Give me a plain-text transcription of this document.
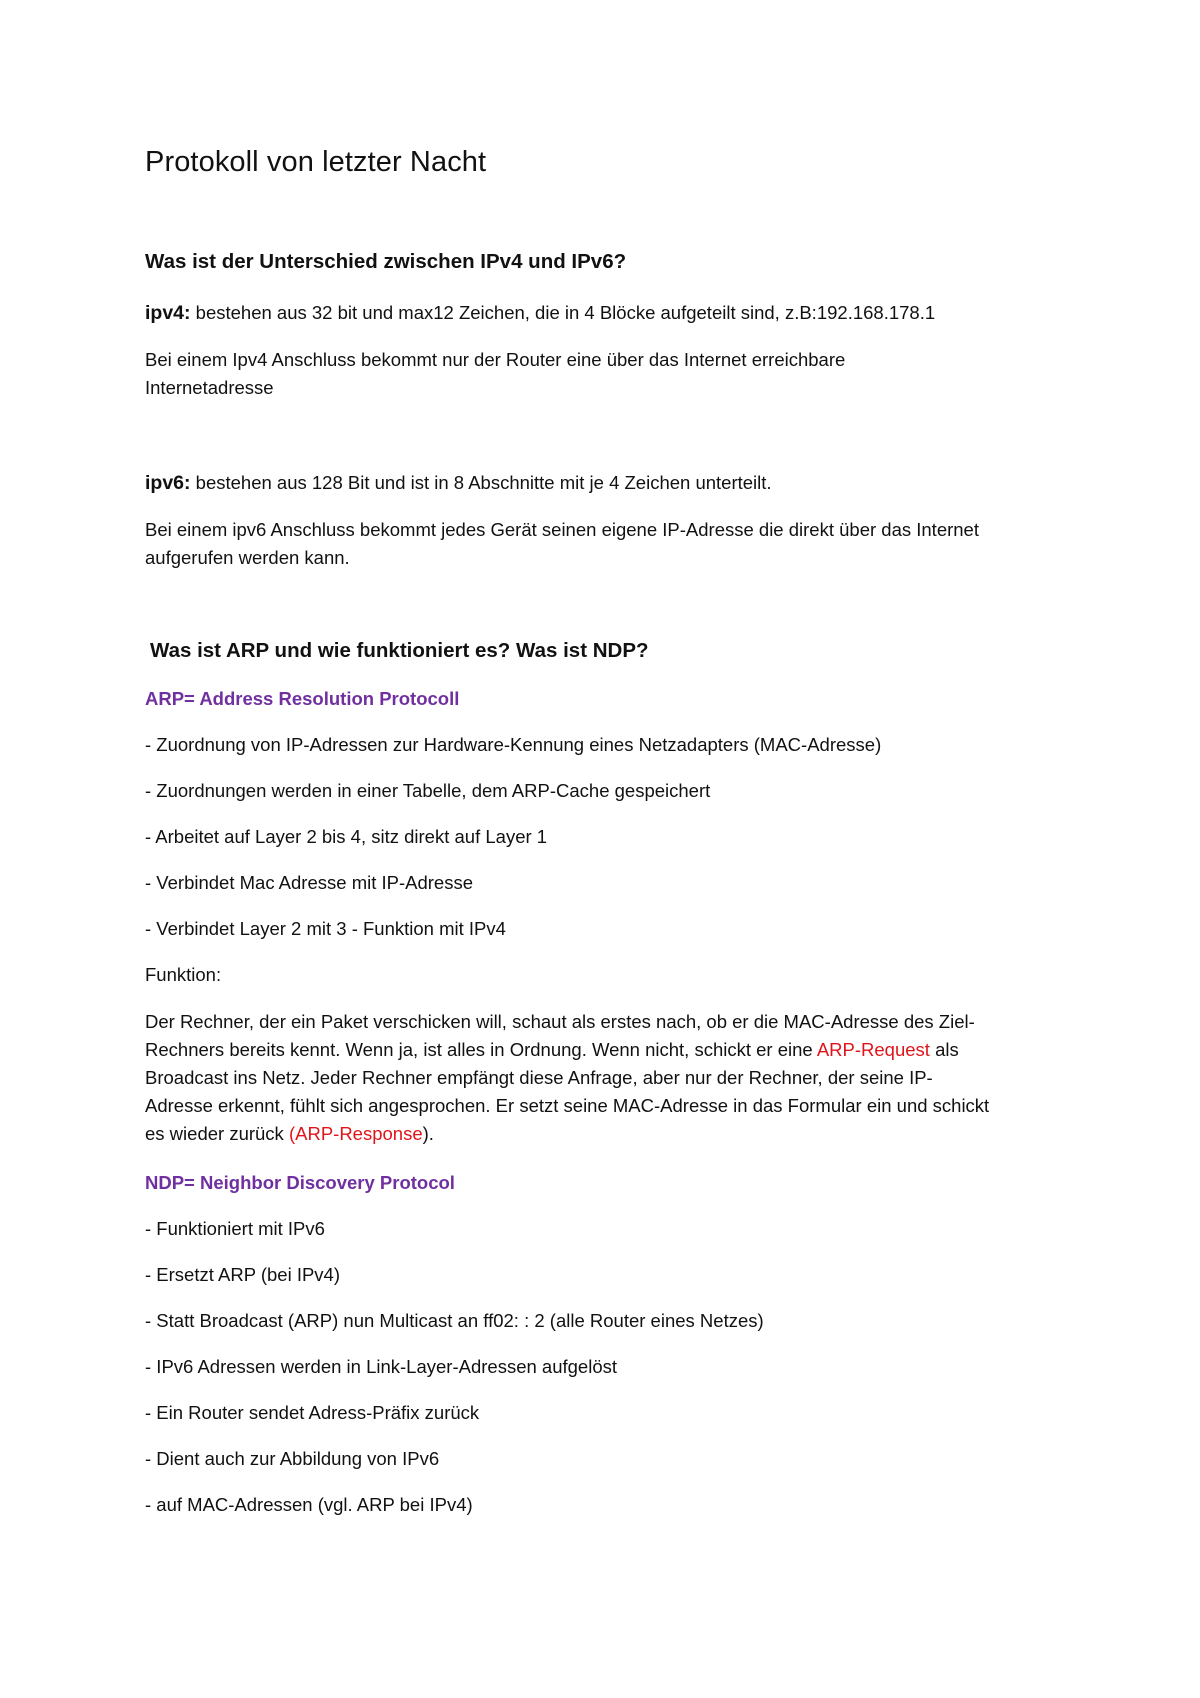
Protokoll von letzter Nacht
Was ist der Unterschied zwischen IPv4 und IPv6?

ipv4: bestehen aus 32 bit und max12 Zeichen, die in 4 Blöcke aufgeteilt sind, z.B:192.168.178.1

Bei einem Ipv4 Anschluss bekommt nur der Router eine über das Internet erreichbare
Internetadresse

ipv6: bestehen aus 128 Bit und ist in 8 Abschnitte mit je 4 Zeichen unterteilt.

Bei einem ipv6 Anschluss bekommt jedes Gerät seinen eigene IP-Adresse die direkt über das Internet
aufgerufen werden kann.

Was ist ARP und wie funktioniert es? Was ist NDP?

ARP= Address Resolution Protocoll

- Zuordnung von IP-Adressen zur Hardware-Kennung eines Netzadapters (MAC-Adresse)

- Zuordnungen werden in einer Tabelle, dem ARP-Cache gespeichert

- Arbeitet auf Layer 2 bis 4, sitz direkt auf Layer 1

- Verbindet Mac Adresse mit IP-Adresse

- Verbindet Layer 2 mit 3 - Funktion mit IPv4

Funktion:

Der Rechner, der ein Paket verschicken will, schaut als erstes nach, ob er die MAC-Adresse des Ziel-
Rechners bereits kennt. Wenn ja, ist alles in Ordnung. Wenn nicht, schickt er eine ARP-Request als
Broadcast ins Netz. Jeder Rechner empfängt diese Anfrage, aber nur der Rechner, der seine IP-
Adresse erkennt, fühlt sich angesprochen. Er setzt seine MAC-Adresse in das Formular ein und schickt
es wieder zurück (ARP-Response).

NDP= Neighbor Discovery Protocol

- Funktioniert mit IPv6

- Ersetzt ARP (bei IPv4)

- Statt Broadcast (ARP) nun Multicast an ff02: : 2 (alle Router eines Netzes)

- IPv6 Adressen werden in Link-Layer-Adressen aufgelöst

- Ein Router sendet Adress-Präfix zurück

- Dient auch zur Abbildung von IPv6

- auf MAC-Adressen (vgl. ARP bei IPv4)
